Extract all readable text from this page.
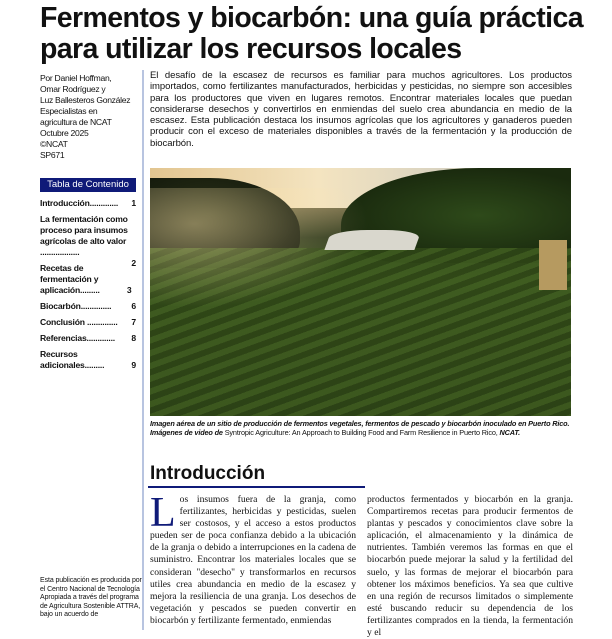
Fermentos y biocarbón: una guía práctica para utilizar los recursos locales
Por Daniel Hoffman,
Omar Rodríguez y
Luz Ballesteros González
Especialistas en
agricultura de NCAT
Octubre 2025
©NCAT
SP671
Tabla de Contenido
1
Introducción.............
2
La fermentación como proceso para insumos agrícolas de alto valor ..................
3
Recetas de fermentación y aplicación.........
6
Biocarbón..............
7
Conclusión ..............
8
Referencias.............
9
Recursos adicionales.........
Esta publicación es producida por el Centro Nacional de Tecnología Apropiada a través del programa de Agricultura Sostenible ATTRA, bajo un acuerdo de

El desafío de la escasez de recursos es familiar para muchos agricultores. Los productos importados, como fertilizantes manufacturados, herbicidas y pesticidas, no siempre son accesibles para los productores que viven en lugares remotos. Encontrar materiales locales que puedan considerarse desechos y convertirlos en enmiendas del suelo crea abundancia en medio de la escasez. Esta publicación destaca los insumos agrícolas que los agricultores y ganaderos pueden producir con el exceso de materiales disponibles a través de la fermentación y la producción de biocarbón.

Imagen aérea de un sitio de producción de fermentos vegetales, fermentos de pescado y biocarbón inoculado en Puerto Rico. Imágenes de video de Syntropic Agriculture: An Approach to Building Food and Farm Resilience in Puerto Rico, NCAT.

Introducción
Los insumos fuera de la granja, como fertilizantes, herbicidas y pesticidas, suelen ser costosos, y el acceso a estos productos pueden ser de poca confianza debido a la ubicación de la granja o debido a interrupciones en la cadena de suministro. Encontrar los materiales locales que se consideran "desecho" y transformarlos en recursos utiles crea abundancia en medio de la escasez y mejora la resiliencia de una granja. Los desechos de vegetación y pescados se pueden convertir en biocarbón y fertilizante fermentado, enmiendas
productos fermentados y biocarbón en la granja. Compartiremos recetas para producir fermentos de plantas y pescados y conocimientos clave sobre la aplicación, el almacenamiento y la dinámica de nutrientes. También veremos las formas en que el biocarbón puede mejorar la salud y la fertilidad del suelo, y las formas de mejorar el biocarbón para obtener los máximos beneficios. Ya sea que cultive en una región de recursos limitados o simplemente esté buscando reducir su dependencia de los fertilizantes comprados en la tienda, la fermentación y el
